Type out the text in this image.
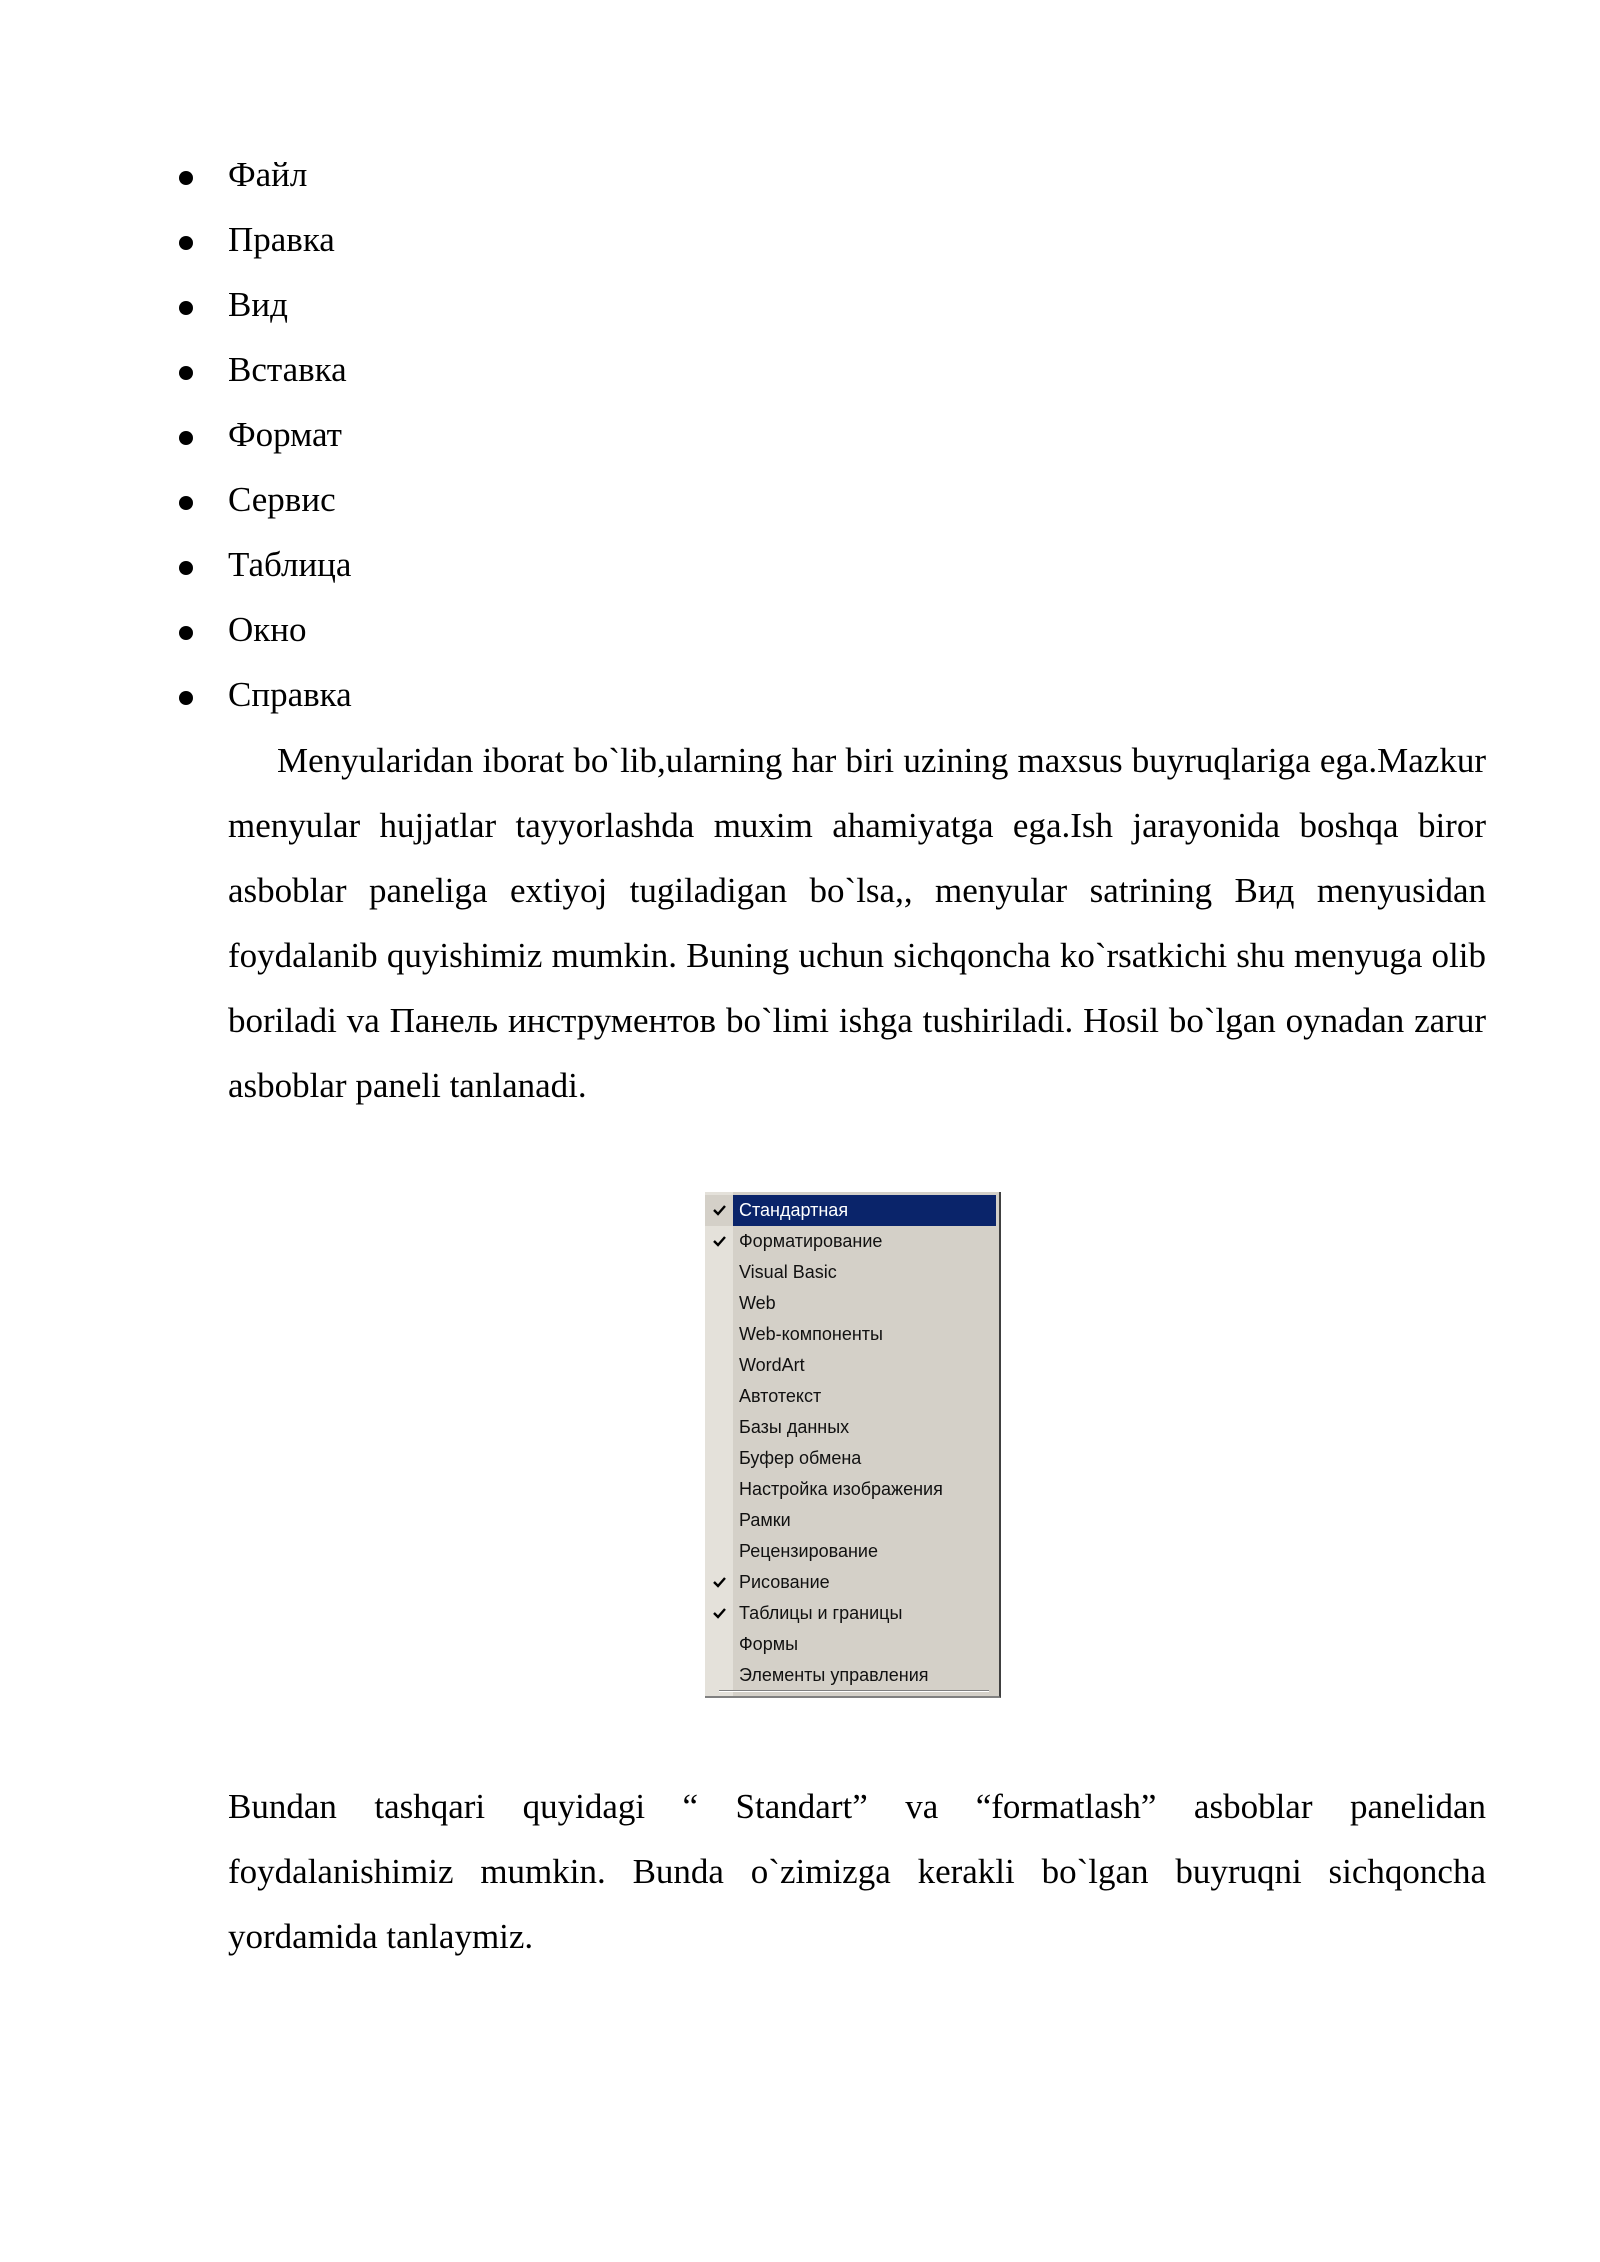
Файл
Правка
Вид
Вставка
Формат
Сервис
Таблица
Окно
Справка

Menyularidan iborat bo`lib,ularning har biri uzining maxsus buyruqlariga ega.Mazkur menyular hujjatlar tayyorlashda muxim ahamiyatga ega.Ish jarayonida boshqa biror asboblar paneliga extiyoj tugiladigan bo`lsa,, menyular satrining Вид menyusidan foydalanib quyishimiz mumkin. Buning uchun sichqoncha ko`rsatkichi shu menyuga olib boriladi va Панель инструментов bo`limi ishga tushiriladi. Hosil bo`lgan oynadan zarur asboblar paneli tanlanadi.

Стандартная
Форматирование
Visual Basic
Web
Web-компоненты
WordArt
Автотекст
Базы данных
Буфер обмена
Настройка изображения
Рамки
Рецензирование
Рисование
Таблицы и границы
Формы
Элементы управления

Bundan tashqari quyidagi “ Standart” va “formatlash” asboblar panelidan foydalanishimiz mumkin. Bunda o`zimizga kerakli bo`lgan buyruqni sichqoncha yordamida tanlaymiz.
